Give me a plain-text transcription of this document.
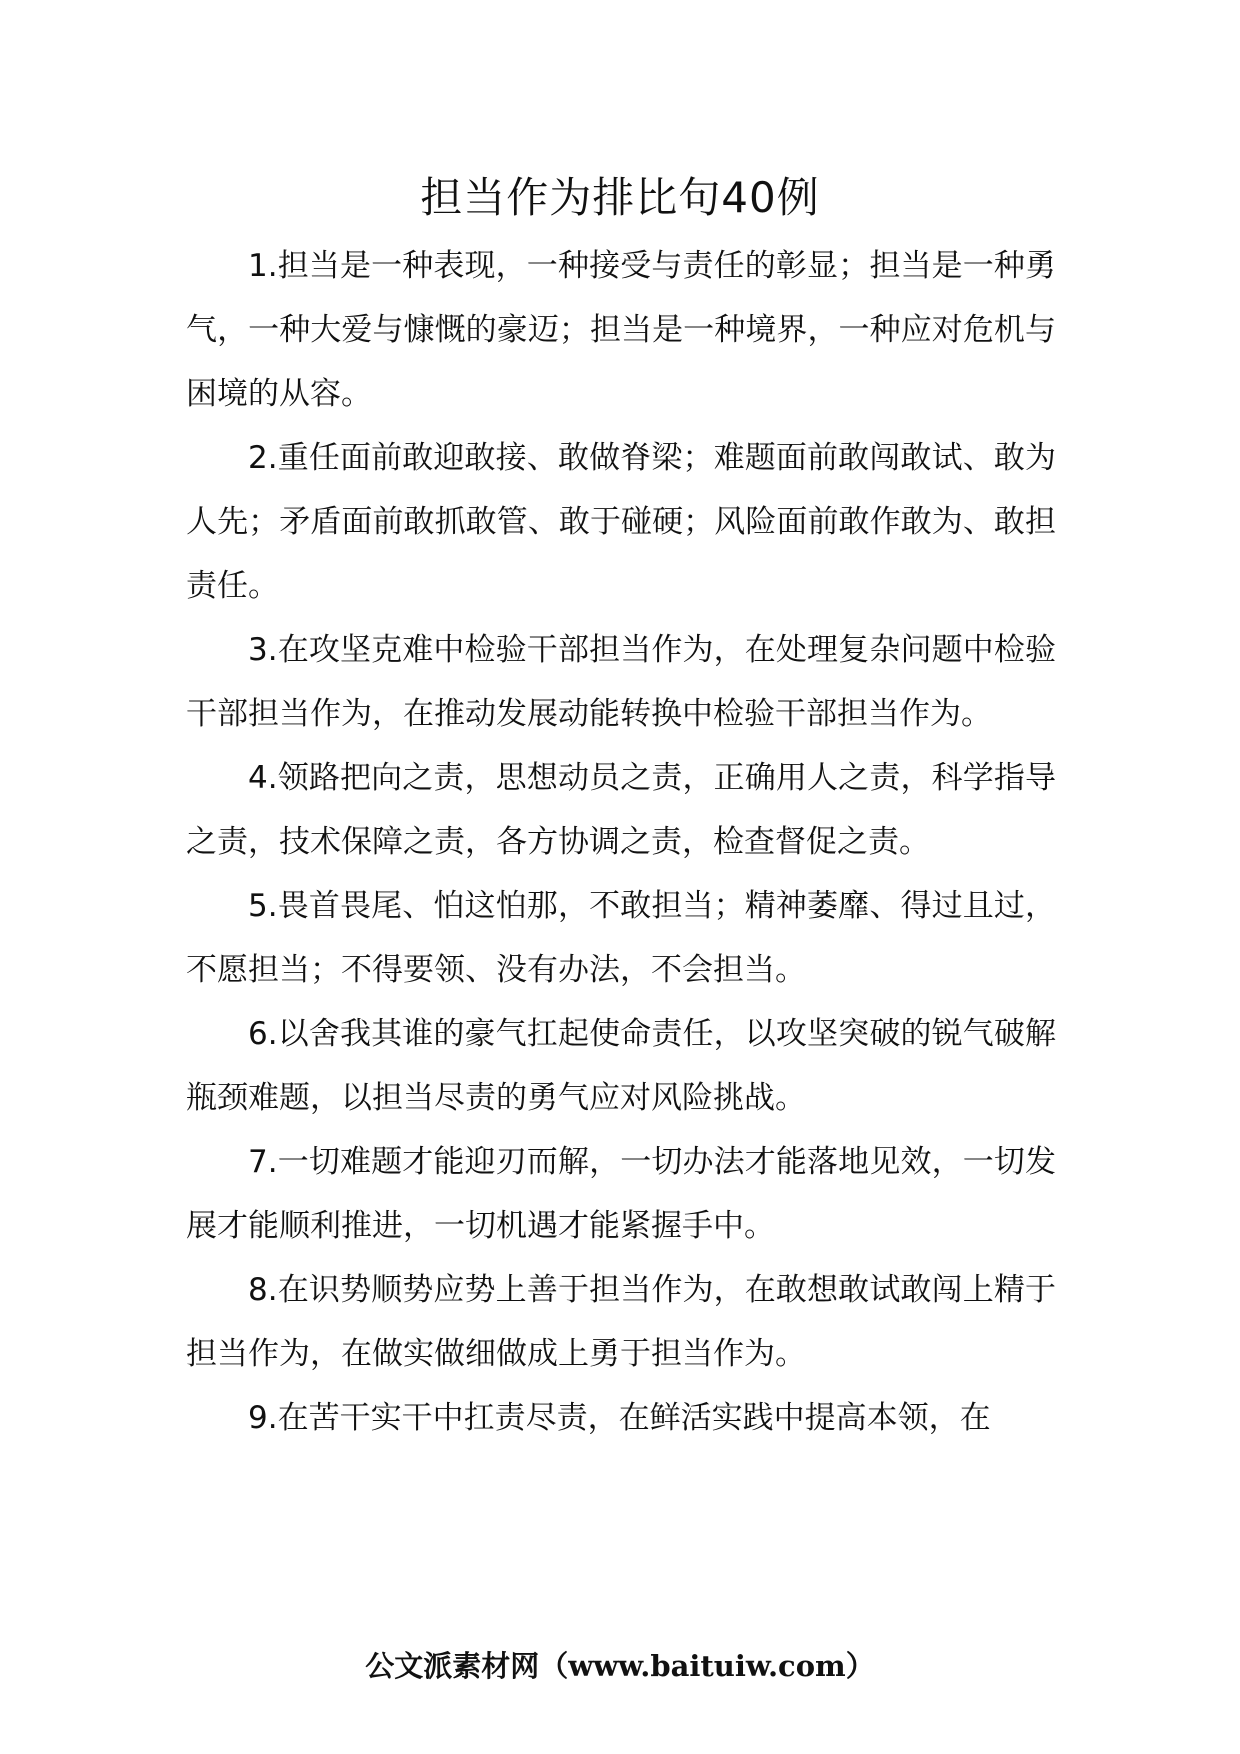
担当作为排比句40例

1.担当是一种表现，一种接受与责任的彰显；担当是一种勇气，一种大爱与慷慨的豪迈；担当是一种境界，一种应对危机与困境的从容。

2.重任面前敢迎敢接、敢做脊梁；难题面前敢闯敢试、敢为人先；矛盾面前敢抓敢管、敢于碰硬；风险面前敢作敢为、敢担责任。

3.在攻坚克难中检验干部担当作为，在处理复杂问题中检验干部担当作为，在推动发展动能转换中检验干部担当作为。

4.领路把向之责，思想动员之责，正确用人之责，科学指导之责，技术保障之责，各方协调之责，检查督促之责。

5.畏首畏尾、怕这怕那，不敢担当；精神萎靡、得过且过，不愿担当；不得要领、没有办法，不会担当。

6.以舍我其谁的豪气扛起使命责任，以攻坚突破的锐气破解瓶颈难题，以担当尽责的勇气应对风险挑战。

7.一切难题才能迎刃而解，一切办法才能落地见效，一切发展才能顺利推进，一切机遇才能紧握手中。

8.在识势顺势应势上善于担当作为，在敢想敢试敢闯上精于担当作为，在做实做细做成上勇于担当作为。

9.在苦干实干中扛责尽责，在鲜活实践中提高本领，在

公文派素材网（www.baituiw.com）
